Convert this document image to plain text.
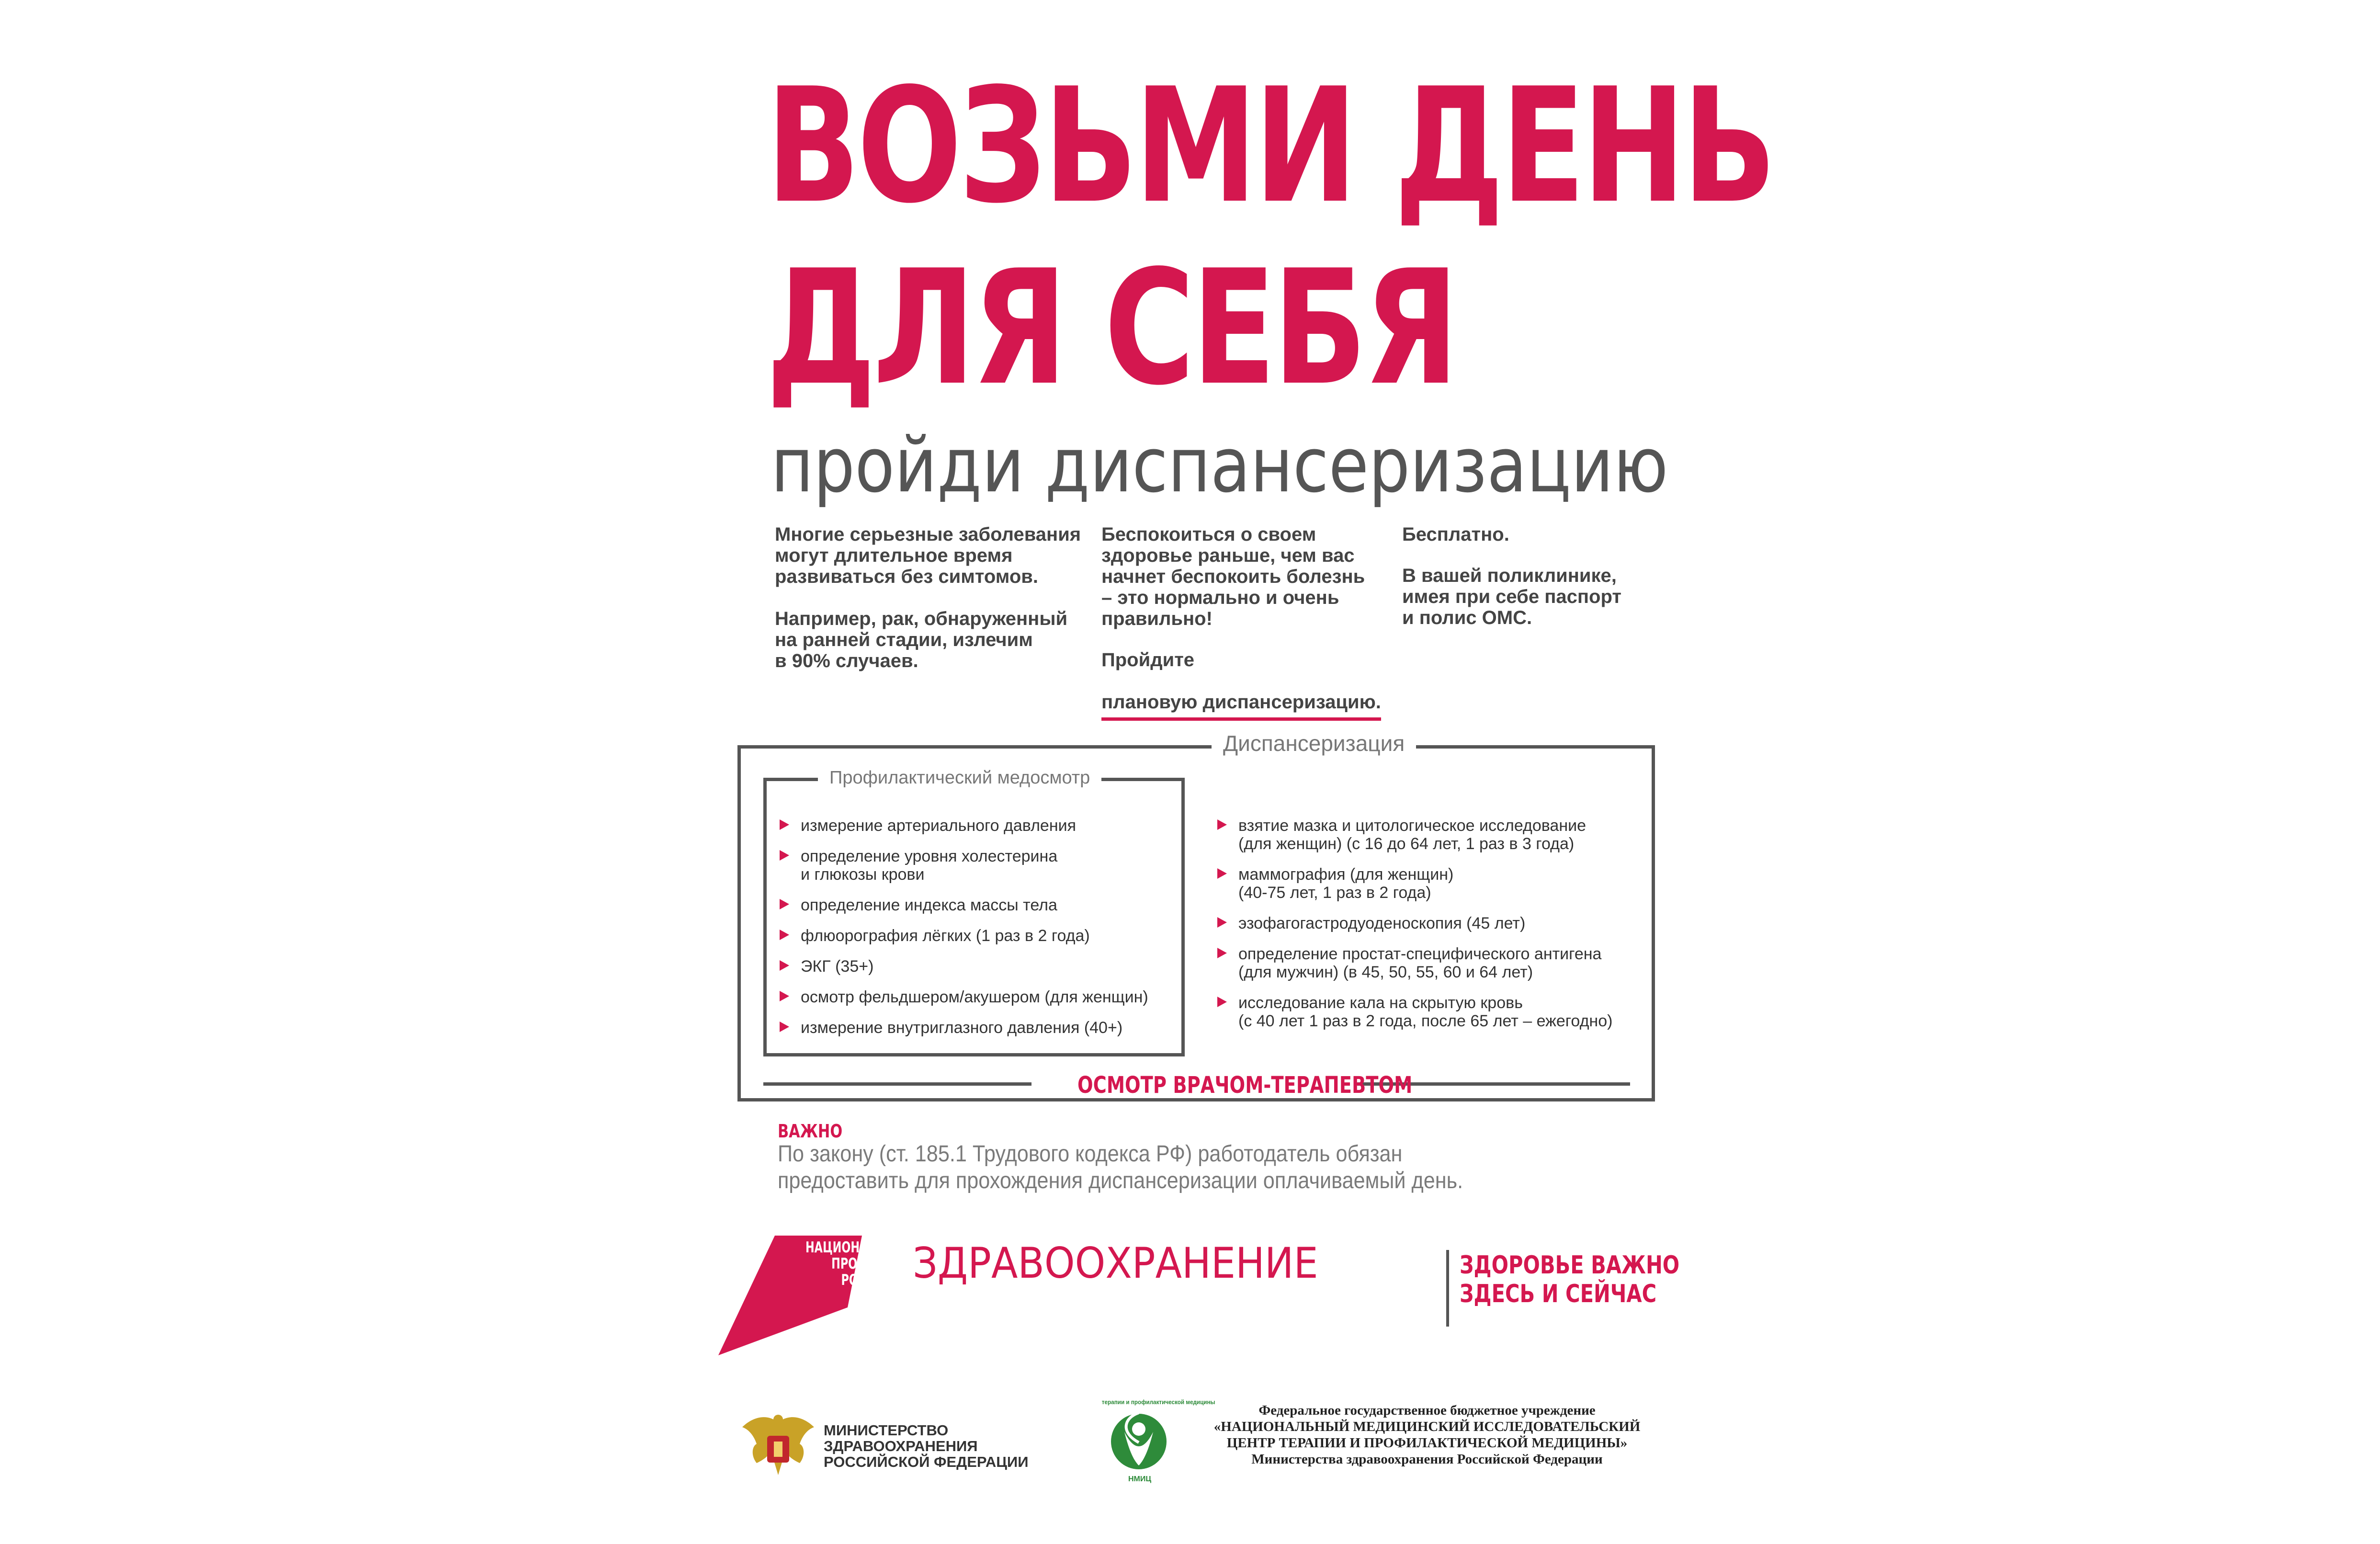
ВОЗЬМИ ДЕНЬ
ДЛЯ СЕБЯ
пройди диспансеризацию
Многие серьезные заболевания
могут длительное время
развиваться без симтомов.
Например, рак, обнаруженный
на ранней стадии, излечим
в 90% случаев.
Беспокоиться о своем
здоровье раньше, чем вас
начнет беспокоить болезнь
– это нормально и очень
правильно!
Пройдите

плановую диспансеризацию.

Бесплатно.
В вашей поликлинике,
имея при себе паспорт
и полис ОМС.
Диспансеризация
Профилактический медосмотр
измерение артериального давления
определение уровня холестерина
и глюкозы крови
определение индекса массы тела
флюорография лёгких (1 раз в 2 года)
ЭКГ (35+)
осмотр фельдшером/акушером (для женщин)
измерение внутриглазного давления (40+)
взятие мазка и цитологическое исследование
(для женщин) (с 16 до 64 лет, 1 раз в 3 года)
маммография (для женщин)
(40-75 лет, 1 раз в 2 года)
эзофагогастродуоденоскопия (45 лет)
определение простат-специфического антигена
(для мужчин) (в 45, 50, 55, 60 и 64 лет)
исследование кала на скрытую кровь
(с 40 лет 1 раз в 2 года, после 65 лет – ежегодно)
ОСМОТР ВРАЧОМ-ТЕРАПЕВТОМ
ВАЖНО
По закону (ст. 185.1 Трудового кодекса РФ) работодатель обязан
предоставить для прохождения диспансеризации оплачиваемый день.
НАЦИОНАЛЬНЫЕ
ПРОЕКТЫ
РОССИИ ЗДРАВООХРАНЕНИЕ	ЗДОРОВЬЕ ВАЖНО
ЗДЕСЬ И СЕЙЧАС
МИНИСТЕРСТВО
ЗДРАВООХРАНЕНИЯ
РОССИЙСКОЙ ФЕДЕРАЦИИ
терапии и профилактической медицины
НМИЦ
Федеральное государственное бюджетное учреждение
«НАЦИОНАЛЬНЫЙ МЕДИЦИНСКИЙ ИССЛЕДОВАТЕЛЬСКИЙ
ЦЕНТР ТЕРАПИИ И ПРОФИЛАКТИЧЕСКОЙ МЕДИЦИНЫ»
Министерства здравоохранения Российской Федерации
